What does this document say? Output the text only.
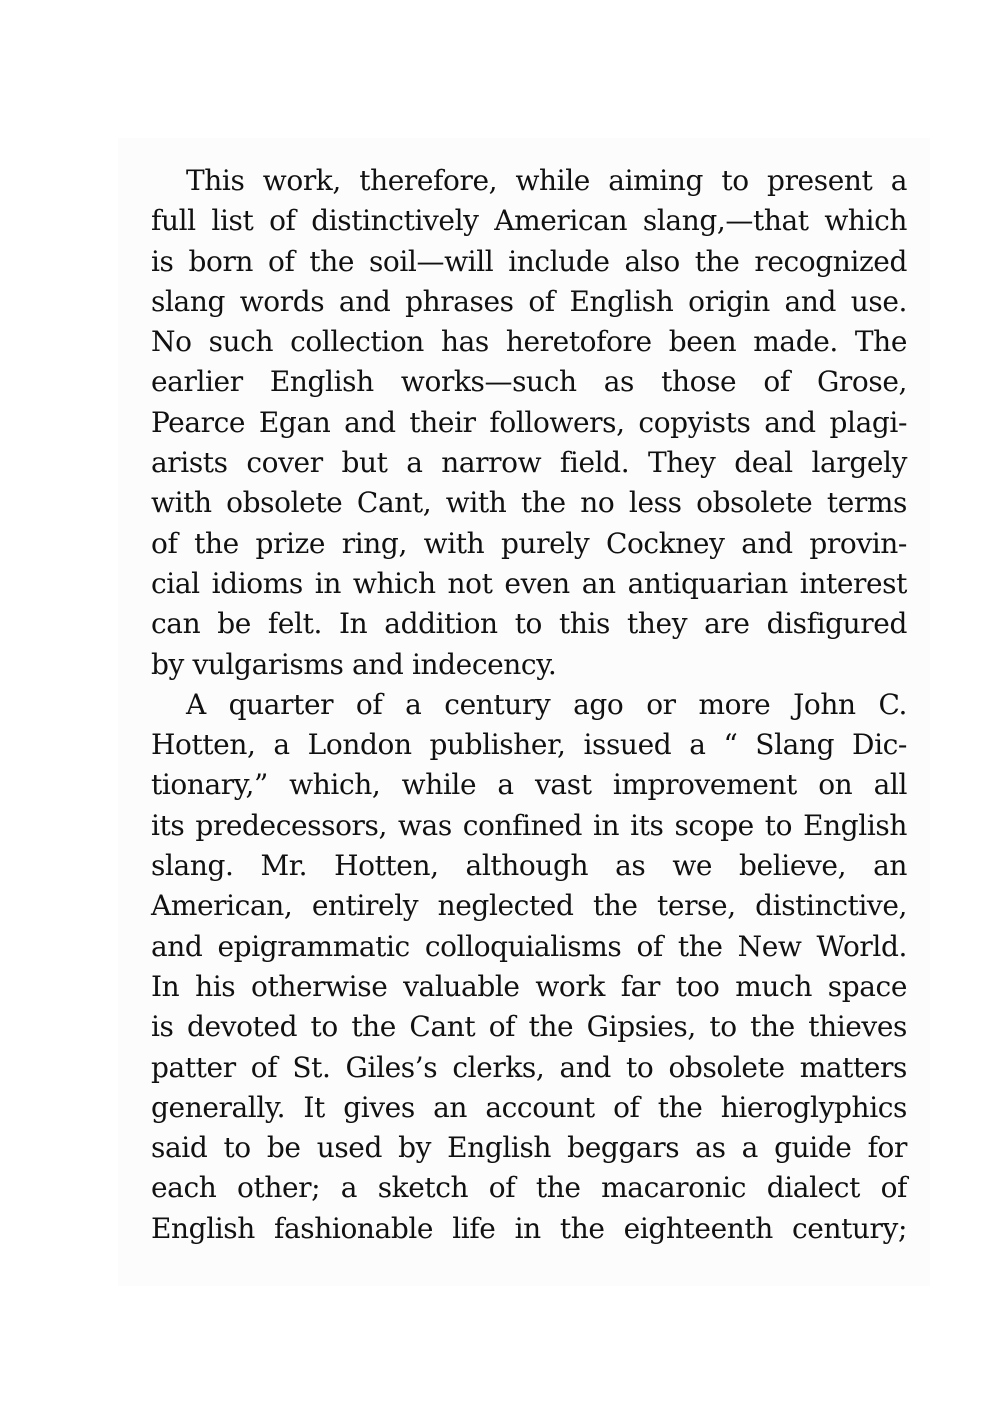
This work, therefore, while aiming to present a
full list of distinctively American slang,—that which
is born of the soil—will include also the recognized
slang words and phrases of English origin and use.
No such collection has heretofore been made. The
earlier English works—such as those of Grose,
Pearce Egan and their followers, copyists and plagi-
arists cover but a narrow field. They deal largely
with obsolete Cant, with the no less obsolete terms
of the prize ring, with purely Cockney and provin-
cial idioms in which not even an antiquarian interest
can be felt. In addition to this they are disfigured
by vulgarisms and indecency.
A quarter of a century ago or more John C.
Hotten, a London publisher, issued a “ Slang Dic-
tionary,” which, while a vast improvement on all
its predecessors, was confined in its scope to English
slang. Mr. Hotten, although as we believe, an
American, entirely neglected the terse, distinctive,
and epigrammatic colloquialisms of the New World.
In his otherwise valuable work far too much space
is devoted to the Cant of the Gipsies, to the thieves
patter of St. Giles’s clerks, and to obsolete matters
generally. It gives an account of the hieroglyphics
said to be used by English beggars as a guide for
each other; a sketch of the macaronic dialect of
English fashionable life in the eighteenth century;
